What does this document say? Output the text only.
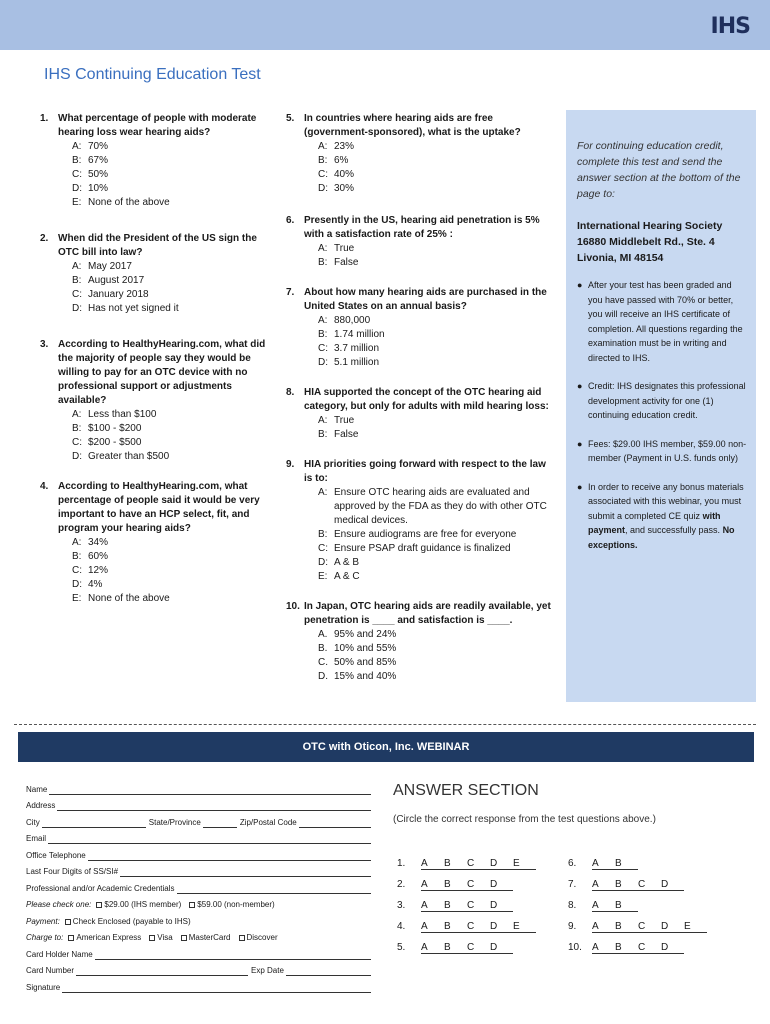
IHS
IHS Continuing Education Test
1. What percentage of people with moderate hearing loss wear hearing aids?
A: 70%
B: 67%
C: 50%
D: 10%
E: None of the above
2. When did the President of the US sign the OTC bill into law?
A: May 2017
B: August 2017
C: January 2018
D: Has not yet signed it
3. According to HealthyHearing.com, what did the majority of people say they would be willing to pay for an OTC device with no professional support or adjustments available?
A: Less than $100
B: $100 - $200
C: $200 - $500
D: Greater than $500
4. According to HealthyHearing.com, what percentage of people said it would be very important to have an HCP select, fit, and program your hearing aids?
A: 34%
B: 60%
C: 12%
D: 4%
E: None of the above
5. In countries where hearing aids are free (government-sponsored), what is the uptake?
A: 23%
B: 6%
C: 40%
D: 30%
6. Presently in the US, hearing aid penetration is 5% with a satisfaction rate of 25% :
A: True
B: False
7. About how many hearing aids are purchased in the United States on an annual basis?
A: 880,000
B: 1.74 million
C: 3.7 million
D: 5.1 million
8. HIA supported the concept of the OTC hearing aid category, but only for adults with mild hearing loss:
A: True
B: False
9. HIA priorities going forward with respect to the law is to:
A: Ensure OTC hearing aids are evaluated and approved by the FDA as they do with other OTC medical devices.
B: Ensure audiograms are free for everyone
C: Ensure PSAP draft guidance is finalized
D: A & B
E: A & C
10. In Japan, OTC hearing aids are readily available, yet penetration is ____ and satisfaction is ____.
A. 95% and 24%
B. 10% and 55%
C. 50% and 85%
D. 15% and 40%
For continuing education credit, complete this test and send the answer section at the bottom of the page to:
International Hearing Society
16880 Middlebelt Rd., Ste. 4
Livonia, MI 48154
● After your test has been graded and you have passed with 70% or better, you will receive an IHS certificate of completion. All questions regarding the examination must be in writing and directed to IHS.
● Credit: IHS designates this professional development activity for one (1) continuing education credit.
● Fees: $29.00 IHS member, $59.00 non-member (Payment in U.S. funds only)
● In order to receive any bonus materials associated with this webinar, you must submit a completed CE quiz with payment, and successfully pass. No exceptions.
OTC with Oticon, Inc. WEBINAR
Name
Address
City	State/Province	Zip/Postal Code
Email
Office Telephone
Last Four Digits of SS/SI#
Professional and/or Academic Credentials
Please check one: $29.00 (IHS member) $59.00 (non-member)
Payment: Check Enclosed (payable to IHS)
Charge to: American Express Visa MasterCard Discover
Card Holder Name
Card Number	Exp Date
Signature
ANSWER SECTION
(Circle the correct response from the test questions above.)
1.	A	B	C	D	E	6.	A	B
2.	A	B	C	D	7.	A	B	C	D
3.	A	B	C	D	8.	A	B
4.	A	B	C	D	E	9.	A	B	C	D	E
5.	A	B	C	D	10.	A	B	C	D
